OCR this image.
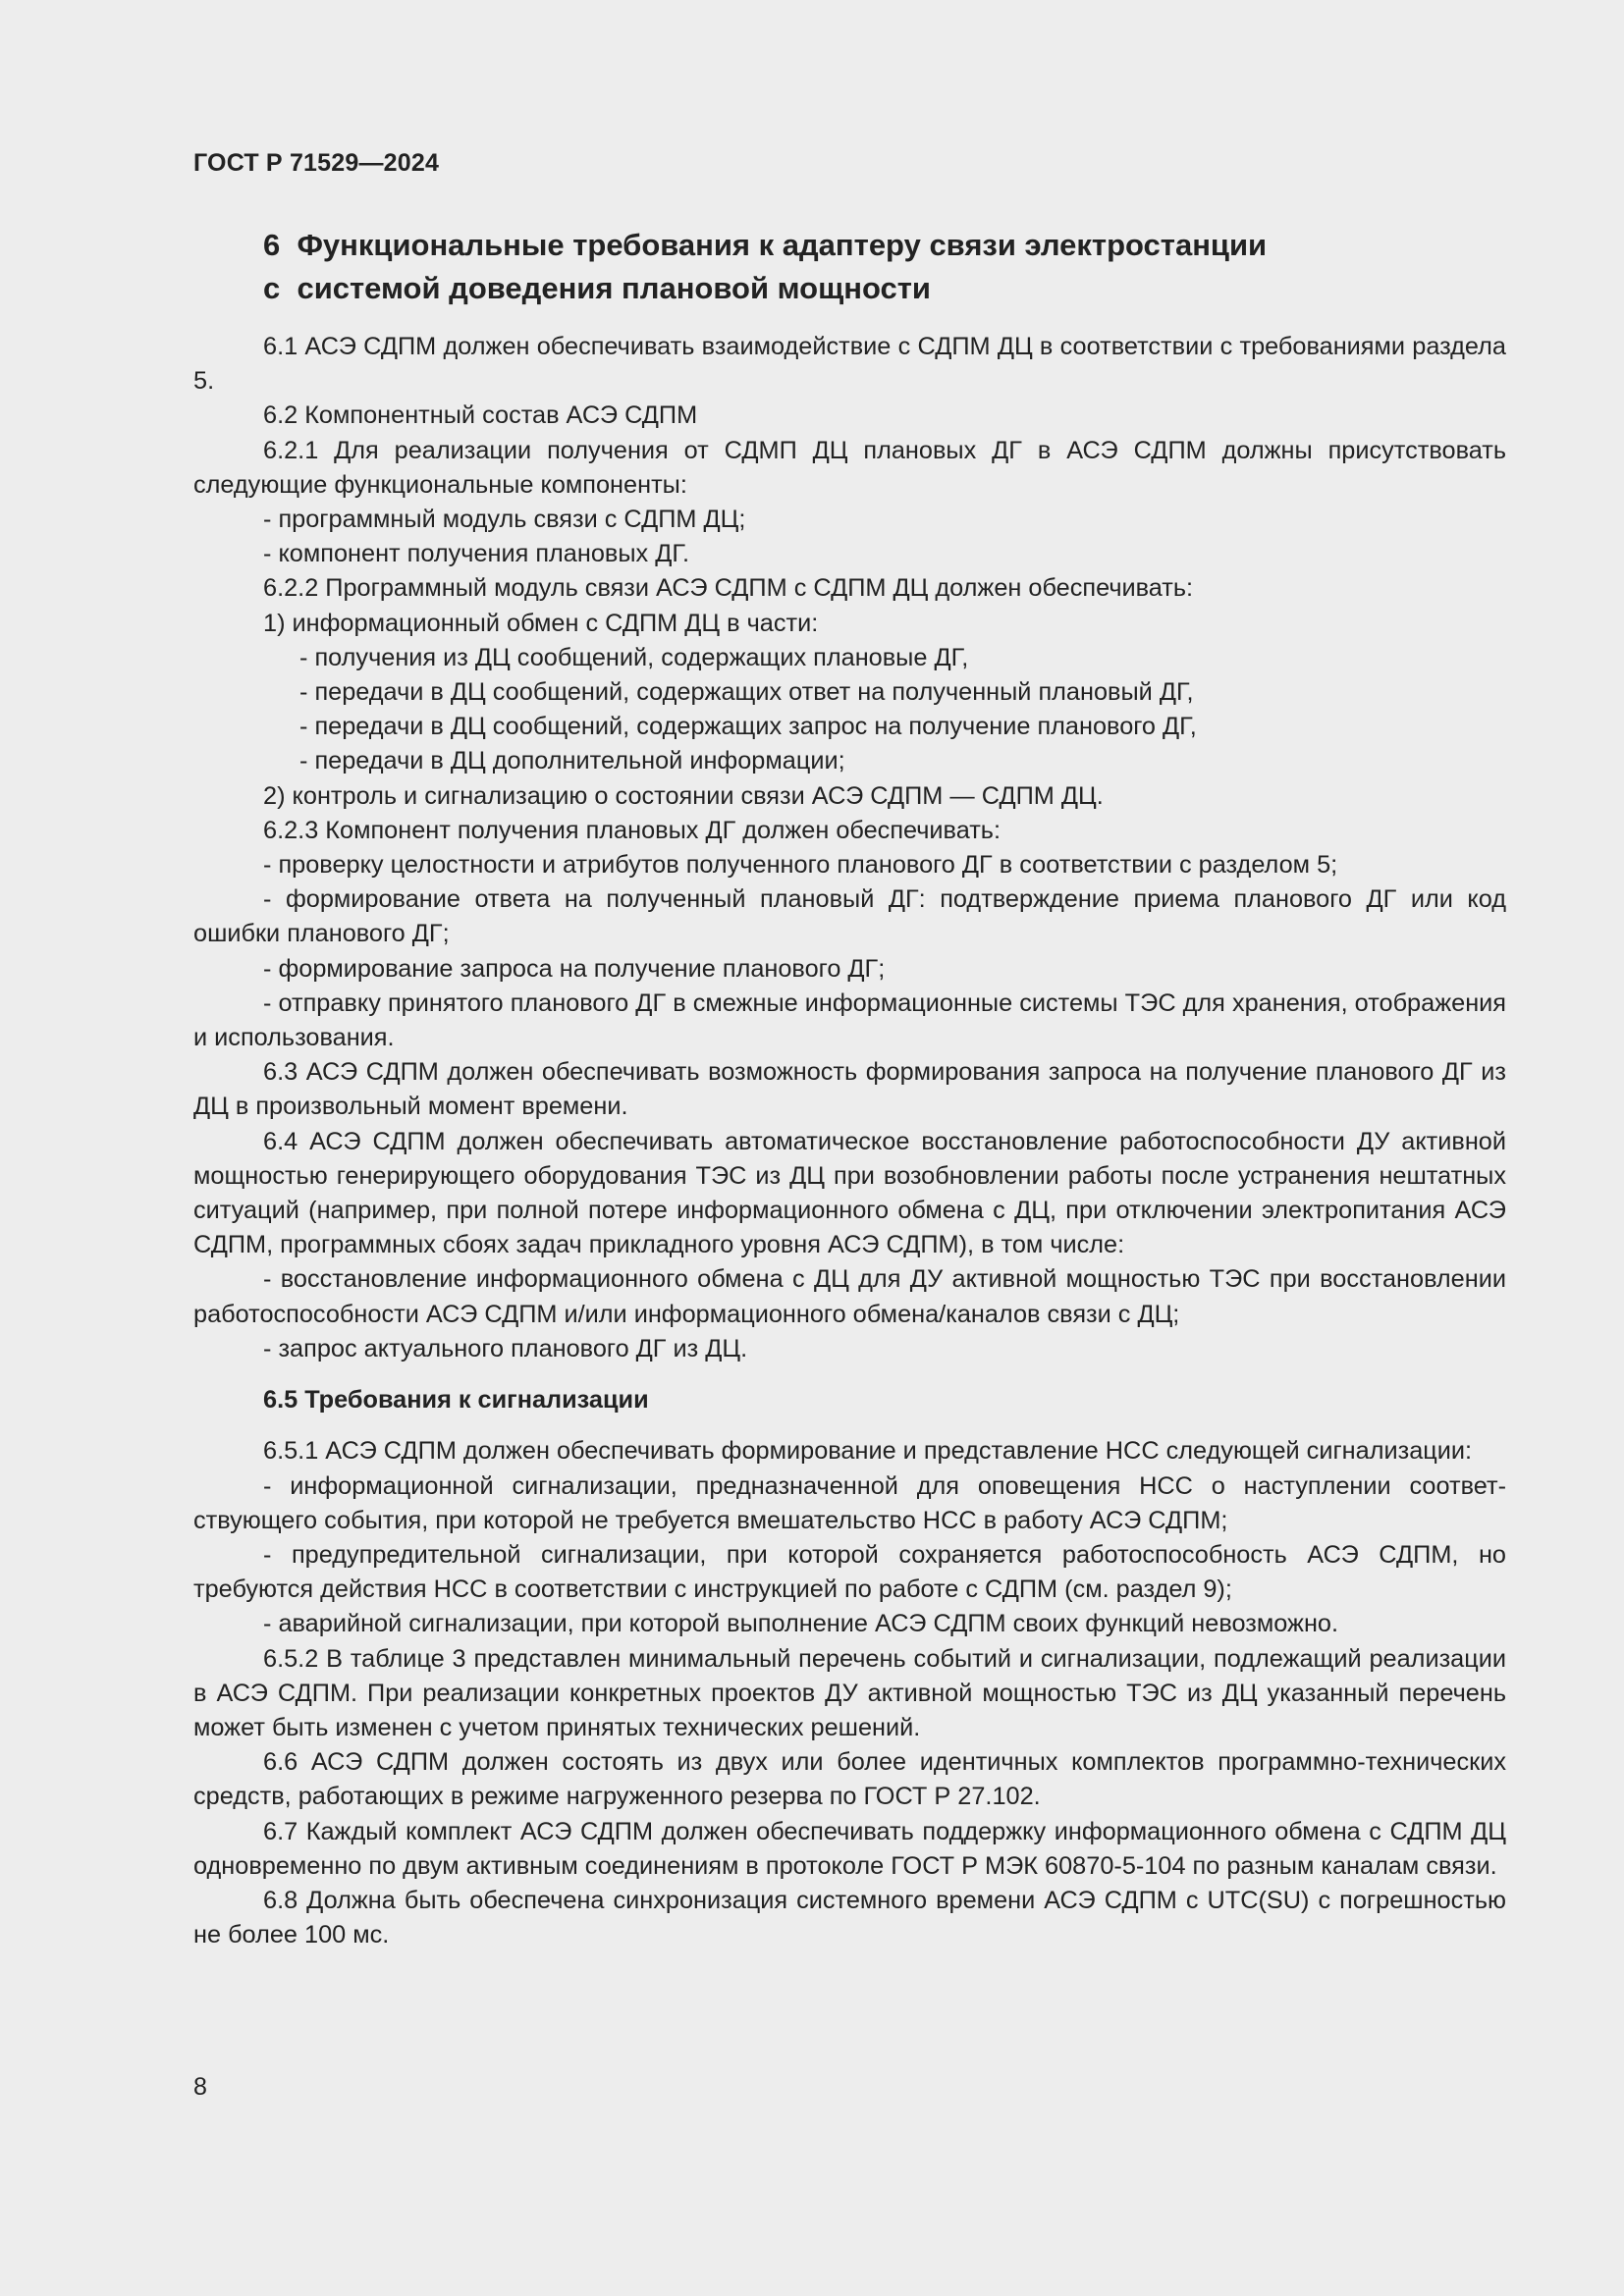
ГОСТ Р 71529—2024
6  Функциональные требования к адаптеру связи электростанции
с  системой доведения плановой мощности

6.1 АСЭ СДПМ должен обеспечивать взаимодействие с СДПМ ДЦ в соответствии с требованиями раздела 5.

6.2 Компонентный состав АСЭ СДПМ

6.2.1 Для реализации получения от СДМП ДЦ плановых ДГ в АСЭ СДПМ должны присутствовать следующие функциональные компоненты:

- программный модуль связи с СДПМ ДЦ;

- компонент получения плановых ДГ.

6.2.2 Программный модуль связи АСЭ СДПМ с СДПМ ДЦ должен обеспечивать:

1) информационный обмен с СДПМ ДЦ в части:

- получения из ДЦ сообщений, содержащих плановые ДГ,

- передачи в ДЦ сообщений, содержащих ответ на полученный плановый ДГ,

- передачи в ДЦ сообщений, содержащих запрос на получение планового ДГ,

- передачи в ДЦ дополнительной информации;

2) контроль и сигнализацию о состоянии связи АСЭ СДПМ — СДПМ ДЦ.

6.2.3 Компонент получения плановых ДГ должен обеспечивать:

- проверку целостности и атрибутов полученного планового ДГ в соответствии с разделом 5;

- формирование ответа на полученный плановый ДГ: подтверждение приема планового ДГ или код ошибки планового ДГ;

- формирование запроса на получение планового ДГ;

- отправку принятого планового ДГ в смежные информационные системы ТЭС для хранения, отображения и использования.

6.3 АСЭ СДПМ должен обеспечивать возможность формирования запроса на получение планового ДГ из ДЦ в произвольный момент времени.

6.4 АСЭ СДПМ должен обеспечивать автоматическое восстановление работоспособности ДУ активной мощностью генерирующего оборудования ТЭС из ДЦ при возобновлении работы после устранения нештатных ситуаций (например, при полной потере информационного обмена с ДЦ, при отключении электропитания АСЭ СДПМ, программных сбоях задач прикладного уровня АСЭ СДПМ), в том числе:

- восстановление информационного обмена с ДЦ для ДУ активной мощностью ТЭС при восстановлении работоспособности АСЭ СДПМ и/или информационного обмена/каналов связи с ДЦ;

- запрос актуального планового ДГ из ДЦ.

6.5 Требования к сигнализации

6.5.1 АСЭ СДПМ должен обеспечивать формирование и представление НСС следующей сигнализации:

- информационной сигнализации, предназначенной для оповещения НСС о наступлении соответствующего события, при которой не требуется вмешательство НСС в работу АСЭ СДПМ;

- предупредительной сигнализации, при которой сохраняется работоспособность АСЭ СДПМ, но требуются действия НСС в соответствии с инструкцией по работе с СДПМ (см. раздел 9);

- аварийной сигнализации, при которой выполнение АСЭ СДПМ своих функций невозможно.

6.5.2 В таблице 3 представлен минимальный перечень событий и сигнализации, подлежащий реализации в АСЭ СДПМ. При реализации конкретных проектов ДУ активной мощностью ТЭС из ДЦ указанный перечень может быть изменен с учетом принятых технических решений.

6.6 АСЭ СДПМ должен состоять из двух или более идентичных комплектов программно-технических средств, работающих в режиме нагруженного резерва по ГОСТ Р 27.102.

6.7 Каждый комплект АСЭ СДПМ должен обеспечивать поддержку информационного обмена с СДПМ ДЦ одновременно по двум активным соединениям в протоколе ГОСТ Р МЭК 60870-5-104 по разным каналам связи.

6.8 Должна быть обеспечена синхронизация системного времени АСЭ СДПМ с UTC(SU) с погрешностью не более 100 мс.

8
